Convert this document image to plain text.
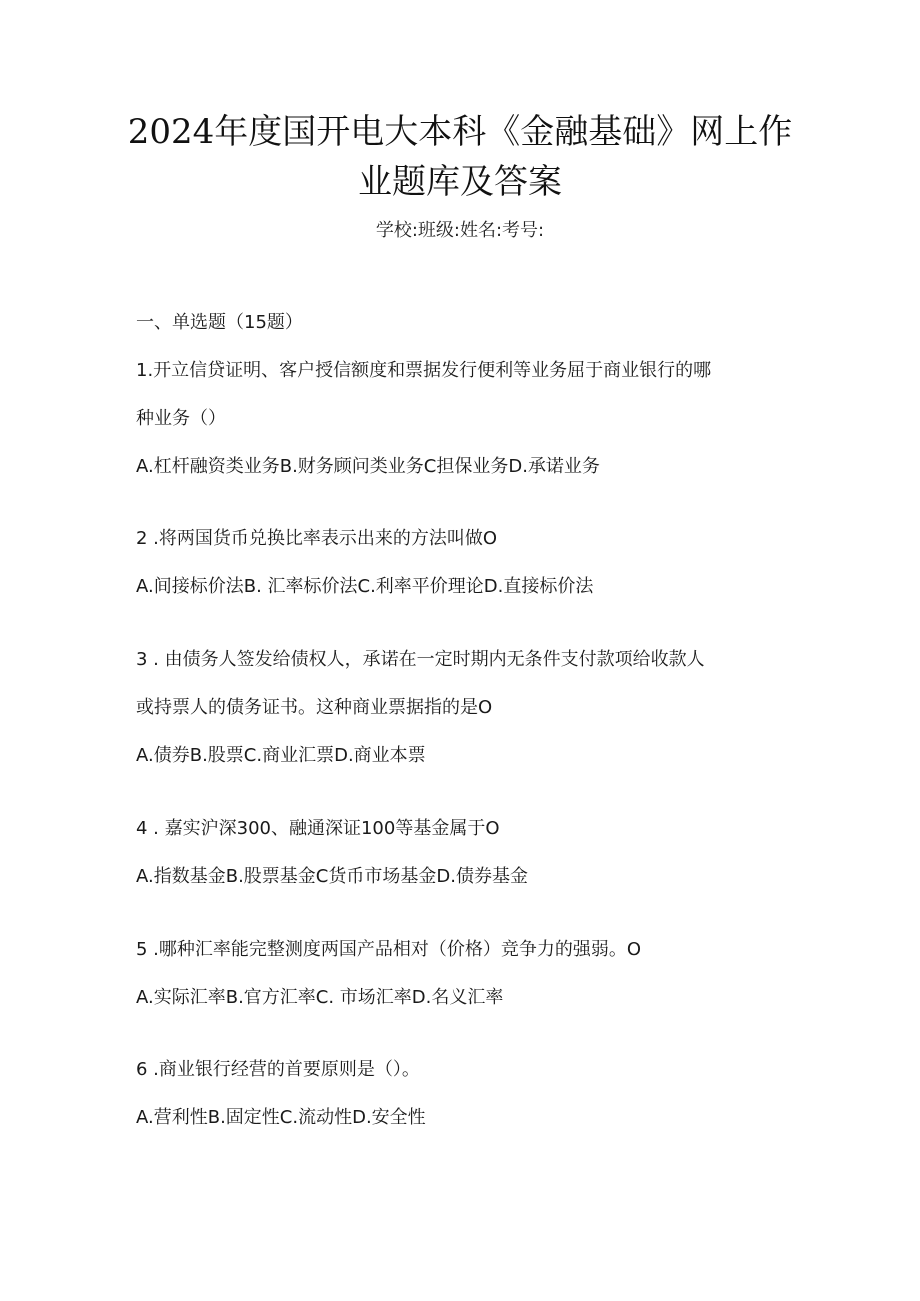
2024年度国开电大本科《金融基础》网上作
业题库及答案
学校:班级:姓名:考号:
一、单选题（15题）
1.开立信贷证明、客户授信额度和票据发行便利等业务屈于商业银行的哪
种业务（）
A.杠杆融资类业务B.财务顾问类业务C担保业务D.承诺业务
2 .将两国货币兑换比率表示出来的方法叫做O
A.间接标价法B. 汇率标价法C.利率平价理论D.直接标价法
3 . 由债务人签发给债权人，承诺在一定时期内无条件支付款项给收款人
或持票人的债务证书。这种商业票据指的是O
A.债券B.股票C.商业汇票D.商业本票
4 . 嘉实沪深300、融通深证100等基金属于O
A.指数基金B.股票基金C货币市场基金D.债券基金
5 .哪种汇率能完整测度两国产品相对（价格）竞争力的强弱。O
A.实际汇率B.官方汇率C. 市场汇率D.名义汇率
6 .商业银行经营的首要原则是（）。
A.营利性B.固定性C.流动性D.安全性
